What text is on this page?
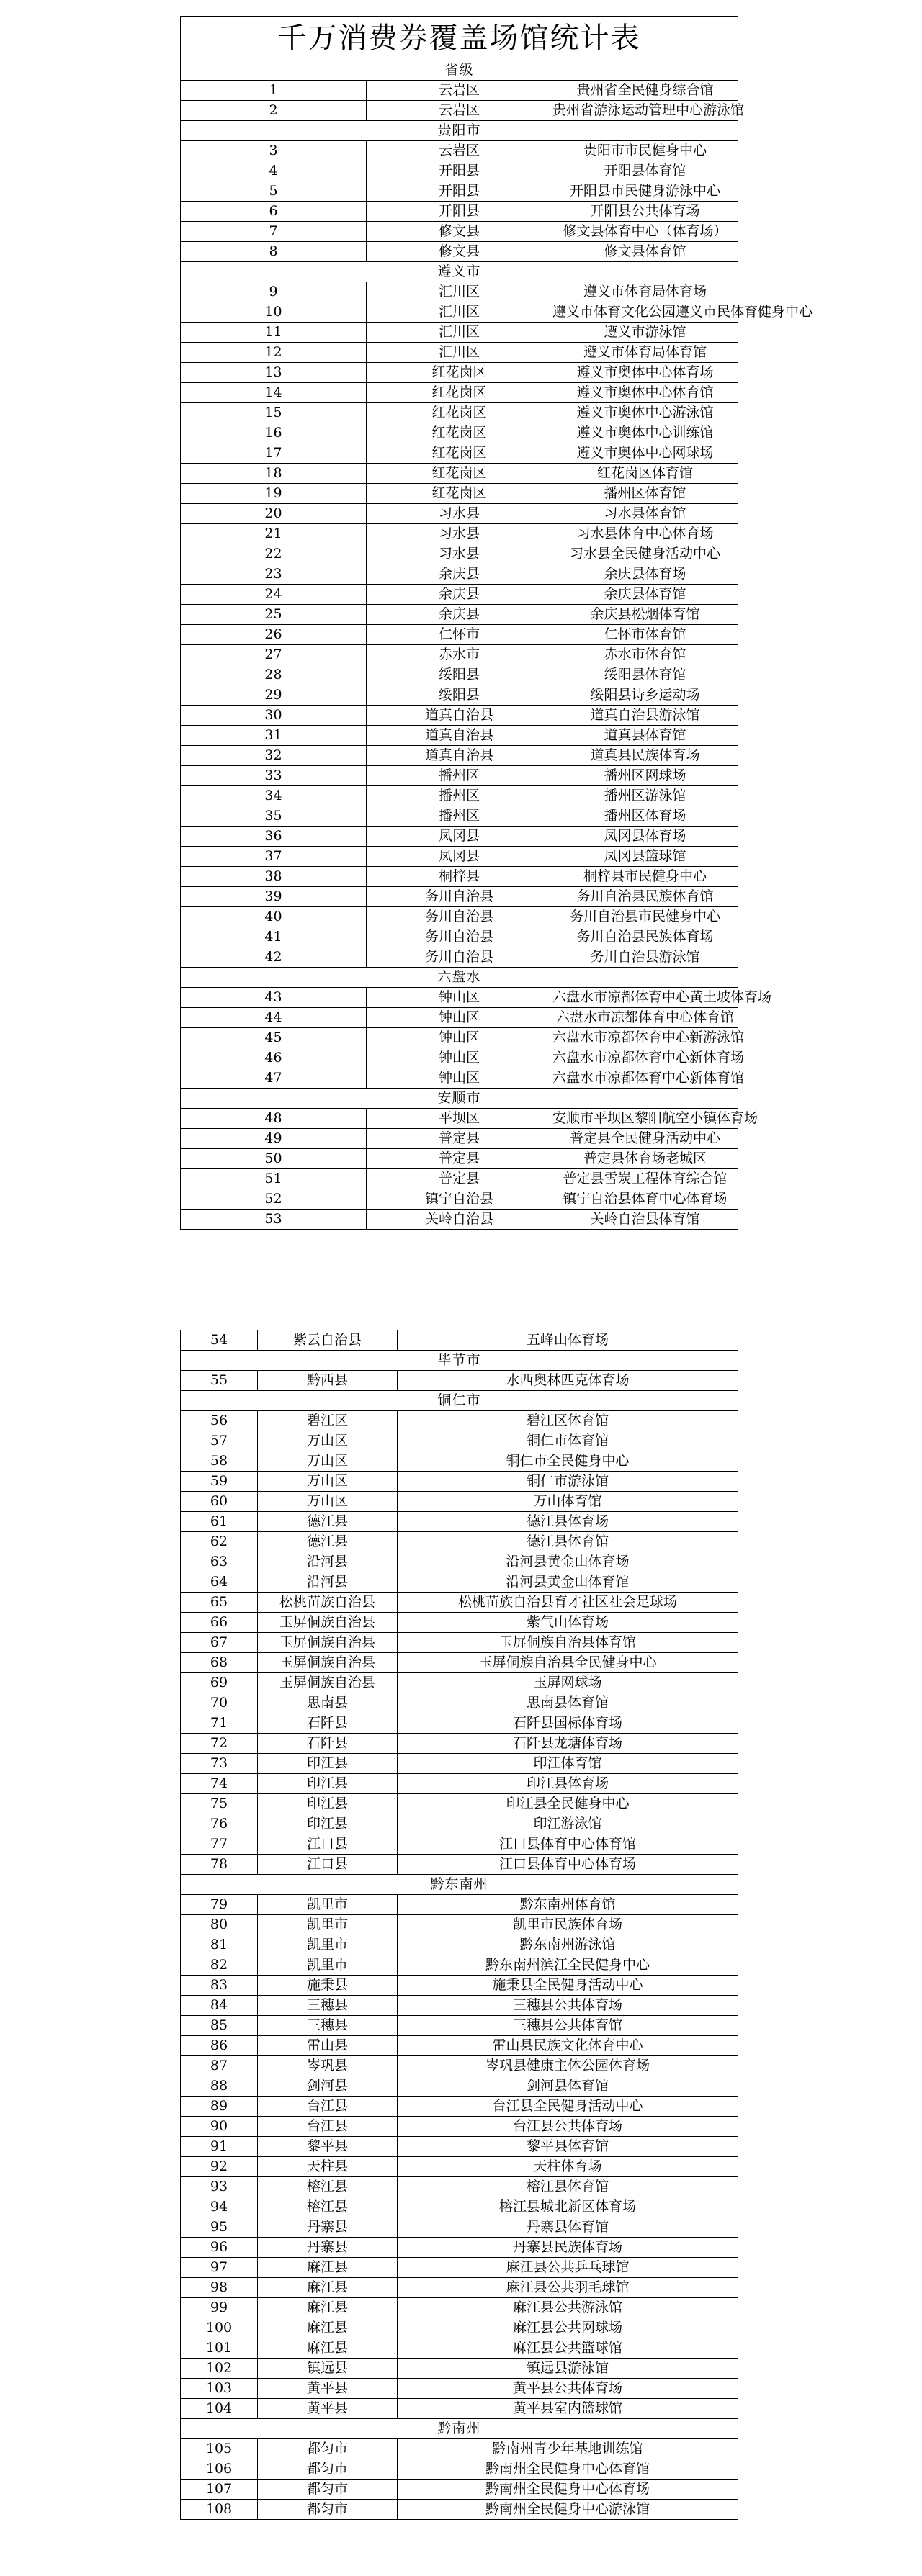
千万消费券覆盖场馆统计表		
省级		
1	云岩区	贵州省全民健身综合馆
2	云岩区	贵州省游泳运动管理中心游泳馆
贵阳市		
3	云岩区	贵阳市市民健身中心
4	开阳县	开阳县体育馆
5	开阳县	开阳县市民健身游泳中心
6	开阳县	开阳县公共体育场
7	修文县	修文县体育中心（体育场）
8	修文县	修文县体育馆
遵义市		
9	汇川区	遵义市体育局体育场
10	汇川区	遵义市体育文化公园遵义市民体育健身中心
11	汇川区	遵义市游泳馆
12	汇川区	遵义市体育局体育馆
13	红花岗区	遵义市奥体中心体育场
14	红花岗区	遵义市奥体中心体育馆
15	红花岗区	遵义市奥体中心游泳馆
16	红花岗区	遵义市奥体中心训练馆
17	红花岗区	遵义市奥体中心网球场
18	红花岗区	红花岗区体育馆
19	红花岗区	播州区体育馆
20	习水县	习水县体育馆
21	习水县	习水县体育中心体育场
22	习水县	习水县全民健身活动中心
23	余庆县	余庆县体育场
24	余庆县	余庆县体育馆
25	余庆县	余庆县松烟体育馆
26	仁怀市	仁怀市体育馆
27	赤水市	赤水市体育馆
28	绥阳县	绥阳县体育馆
29	绥阳县	绥阳县诗乡运动场
30	道真自治县	道真自治县游泳馆
31	道真自治县	道真县体育馆
32	道真自治县	道真县民族体育场
33	播州区	播州区网球场
34	播州区	播州区游泳馆
35	播州区	播州区体育场
36	凤冈县	凤冈县体育场
37	凤冈县	凤冈县篮球馆
38	桐梓县	桐梓县市民健身中心
39	务川自治县	务川自治县民族体育馆
40	务川自治县	务川自治县市民健身中心
41	务川自治县	务川自治县民族体育场
42	务川自治县	务川自治县游泳馆
六盘水		
43	钟山区	六盘水市凉都体育中心黄土坡体育场
44	钟山区	六盘水市凉都体育中心体育馆
45	钟山区	六盘水市凉都体育中心新游泳馆
46	钟山区	六盘水市凉都体育中心新体育场
47	钟山区	六盘水市凉都体育中心新体育馆
安顺市		
48	平坝区	安顺市平坝区黎阳航空小镇体育场
49	普定县	普定县全民健身活动中心
50	普定县	普定县体育场老城区
51	普定县	普定县雪炭工程体育综合馆
52	镇宁自治县	镇宁自治县体育中心体育场
53	关岭自治县	关岭自治县体育馆
54	紫云自治县	五峰山体育场
毕节市		
55	黔西县	水西奥林匹克体育场
铜仁市		
56	碧江区	碧江区体育馆
57	万山区	铜仁市体育馆
58	万山区	铜仁市全民健身中心
59	万山区	铜仁市游泳馆
60	万山区	万山体育馆
61	德江县	德江县体育场
62	德江县	德江县体育馆
63	沿河县	沿河县黄金山体育场
64	沿河县	沿河县黄金山体育馆
65	松桃苗族自治县	松桃苗族自治县育才社区社会足球场
66	玉屏侗族自治县	紫气山体育场
67	玉屏侗族自治县	玉屏侗族自治县体育馆
68	玉屏侗族自治县	玉屏侗族自治县全民健身中心
69	玉屏侗族自治县	玉屏网球场
70	思南县	思南县体育馆
71	石阡县	石阡县国标体育场
72	石阡县	石阡县龙塘体育场
73	印江县	印江体育馆
74	印江县	印江县体育场
75	印江县	印江县全民健身中心
76	印江县	印江游泳馆
77	江口县	江口县体育中心体育馆
78	江口县	江口县体育中心体育场
黔东南州		
79	凯里市	黔东南州体育馆
80	凯里市	凯里市民族体育场
81	凯里市	黔东南州游泳馆
82	凯里市	黔东南州滨江全民健身中心
83	施秉县	施秉县全民健身活动中心
84	三穗县	三穗县公共体育场
85	三穗县	三穗县公共体育馆
86	雷山县	雷山县民族文化体育中心
87	岑巩县	岑巩县健康主体公园体育场
88	剑河县	剑河县体育馆
89	台江县	台江县全民健身活动中心
90	台江县	台江县公共体育场
91	黎平县	黎平县体育馆
92	天柱县	天柱体育场
93	榕江县	榕江县体育馆
94	榕江县	榕江县城北新区体育场
95	丹寨县	丹寨县体育馆
96	丹寨县	丹寨县民族体育场
97	麻江县	麻江县公共乒乓球馆
98	麻江县	麻江县公共羽毛球馆
99	麻江县	麻江县公共游泳馆
100	麻江县	麻江县公共网球场
101	麻江县	麻江县公共篮球馆
102	镇远县	镇远县游泳馆
103	黄平县	黄平县公共体育场
104	黄平县	黄平县室内篮球馆
黔南州		
105	都匀市	黔南州青少年基地训练馆
106	都匀市	黔南州全民健身中心体育馆
107	都匀市	黔南州全民健身中心体育场
108	都匀市	黔南州全民健身中心游泳馆
